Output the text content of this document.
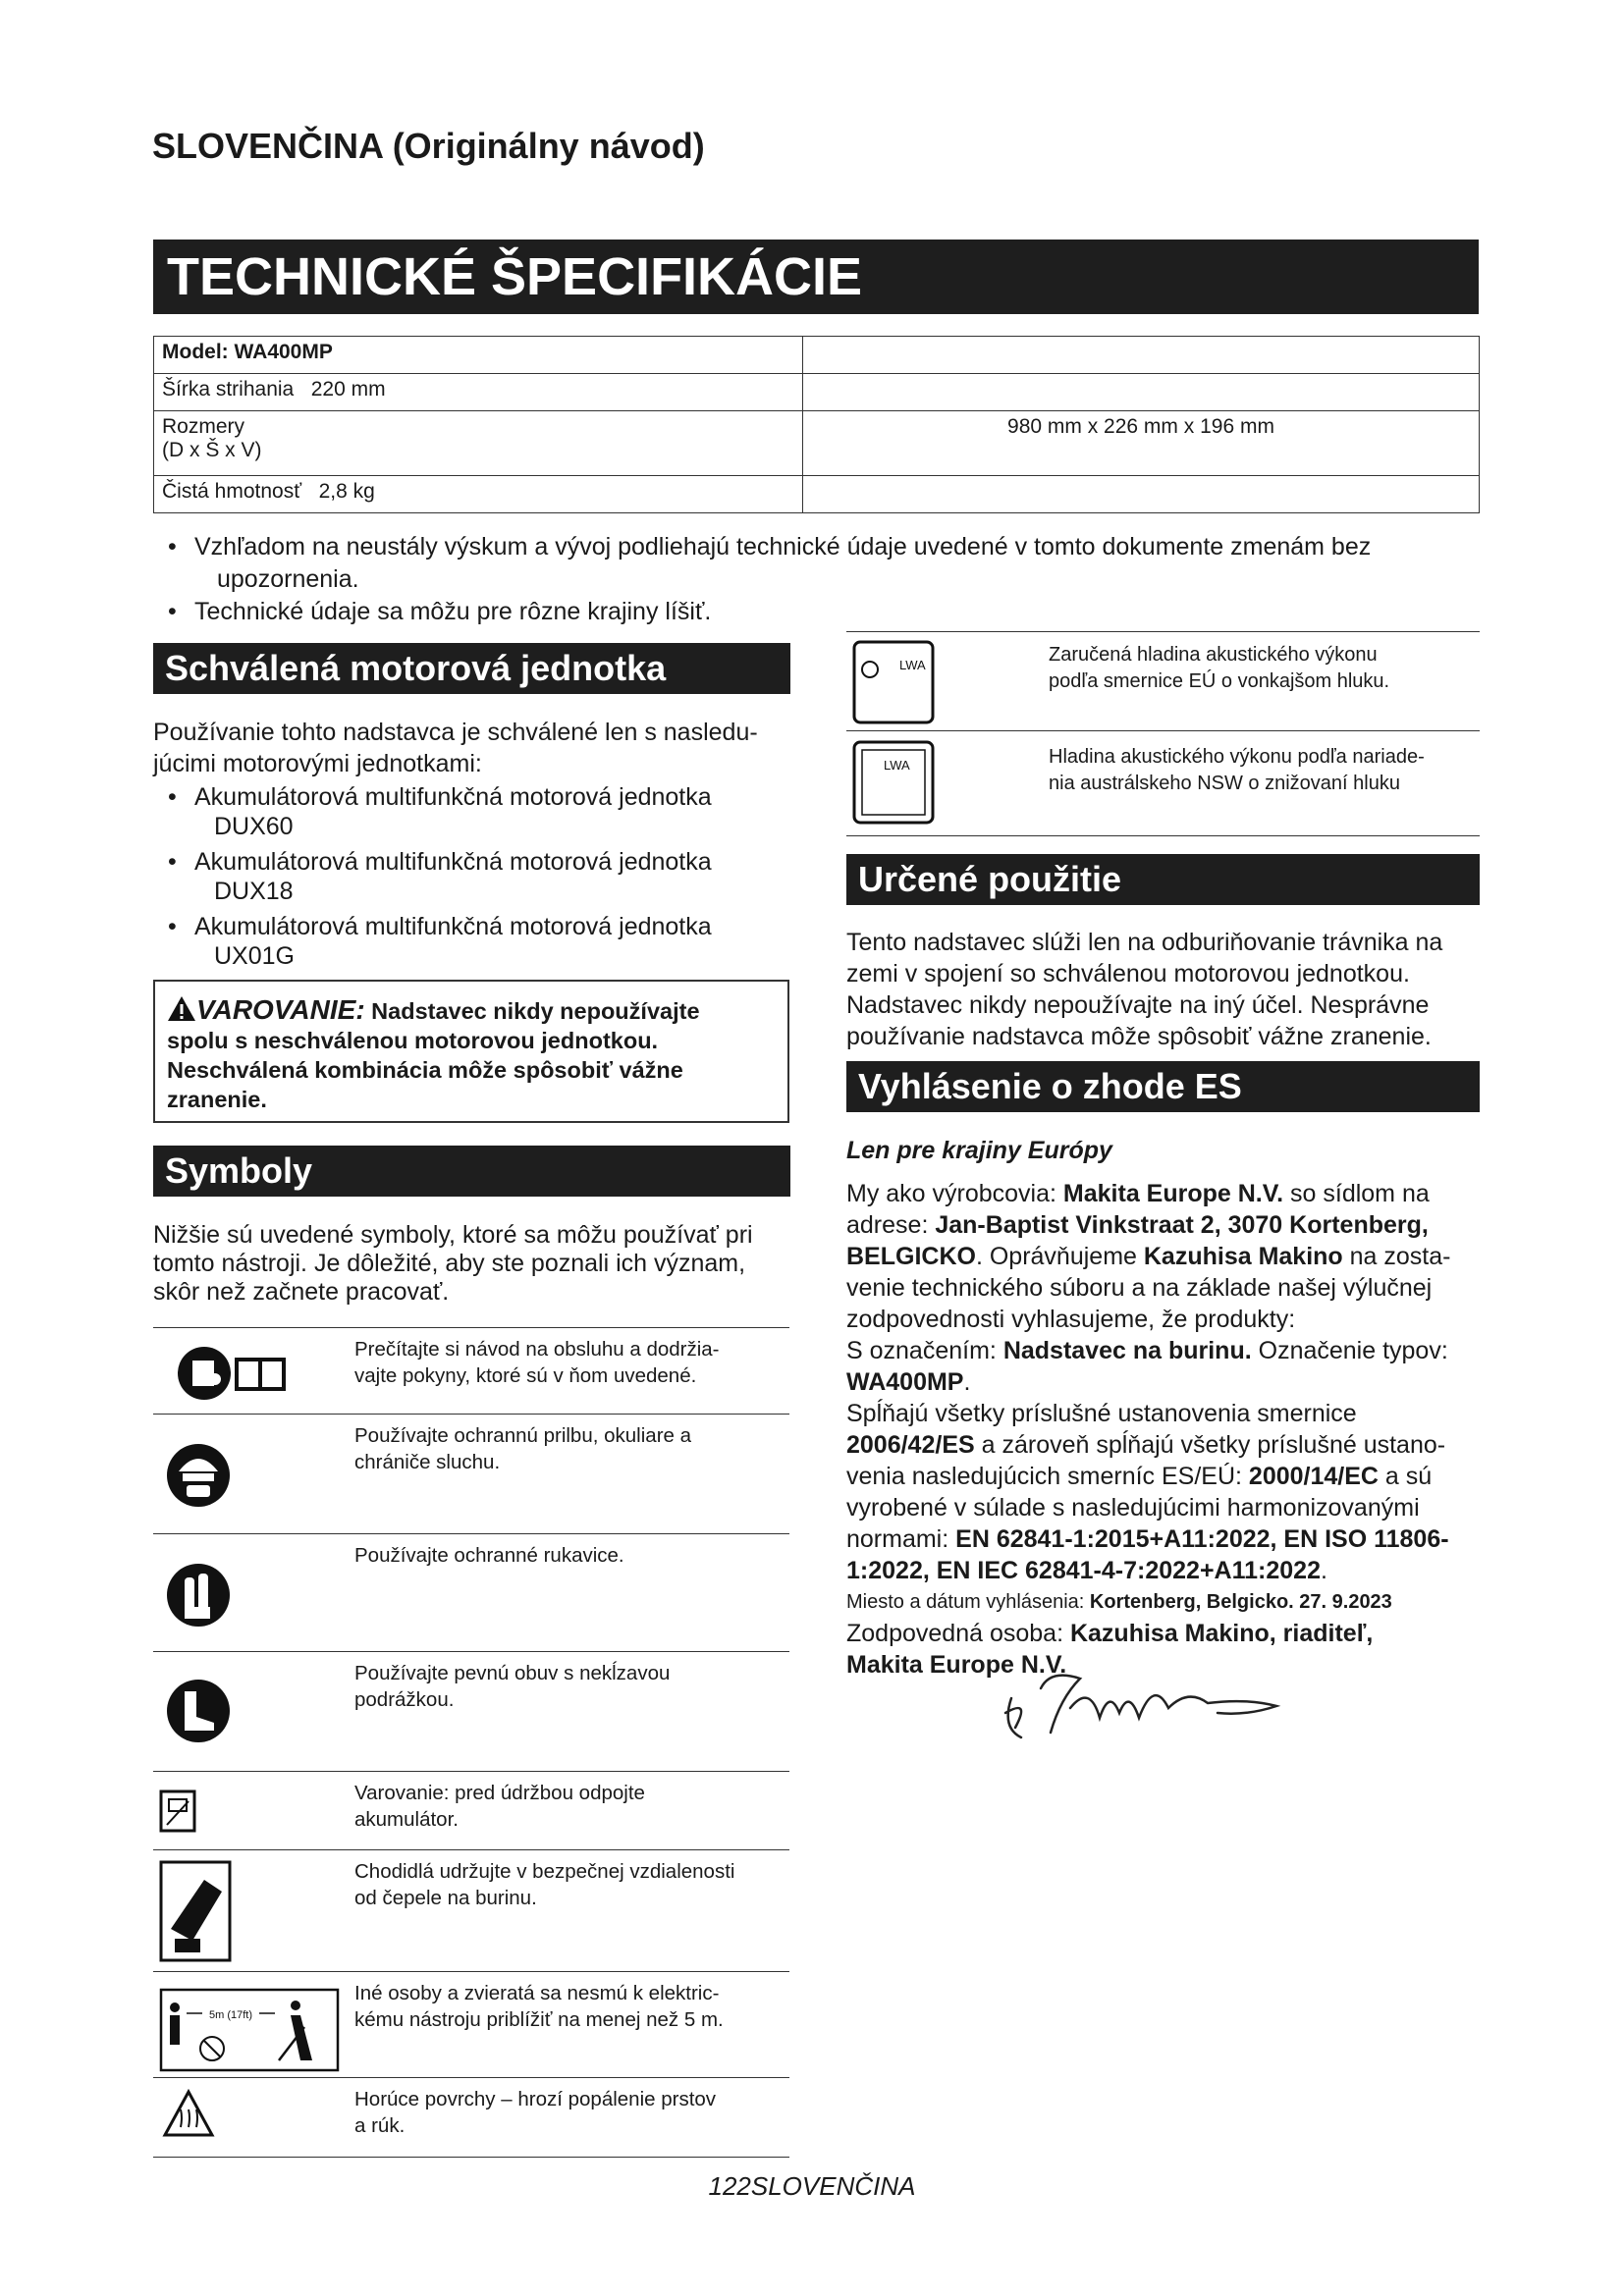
SLOVENČINA (Originálny návod)
TECHNICKÉ ŠPECIFIKÁCIE
Model: WA400MP	
Šírka strihania 220 mm	

Rozmery
(D x Š x V)	980 mm x 226 mm x 196 mm
Čistá hmotnosť 2,8 kg	
• Vzhľadom na neustály výskum a vývoj podliehajú technické údaje uvedené v tomto dokumente zmenám bez
upozornenia.
• Technické údaje sa môžu pre rôzne krajiny líšiť.
Schválená motorová jednotka
Používanie tohto nadstavca je schválené len s nasledu-
júcimi motorovými jednotkami:
• Akumulátorová multifunkčná motorová jednotka
DUX60
• Akumulátorová multifunkčná motorová jednotka
DUX18
• Akumulátorová multifunkčná motorová jednotka
UX01G
VAROVANIE: Nadstavec nikdy nepoužívajte
spolu s neschválenou motorovou jednotkou.
Neschválená kombinácia môže spôsobiť vážne
zranenie.
Symboly
Nižšie sú uvedené symboly, ktoré sa môžu používať pri
tomto nástroji. Je dôležité, aby ste poznali ich význam,
skôr než začnete pracovať.
Prečítajte si návod na obsluhu a dodržia-
vajte pokyny, ktoré sú v ňom uvedené.
Používajte ochrannú prilbu, okuliare a
chrániče sluchu.
Používajte ochranné rukavice.
Používajte pevnú obuv s nekĺzavou
podrážkou.
Varovanie: pred údržbou odpojte
akumulátor.
Chodidlá udržujte v bezpečnej vzdialenosti
od čepele na burinu.
5m (17ft)
Iné osoby a zvieratá sa nesmú k elektric-
kému nástroju priblížiť na menej než 5 m.
Horúce povrchy – hrozí popálenie prstov
a rúk.
LWA	Zaručená hladina akustického výkonu
podľa smernice EÚ o vonkajšom hluku.
LWA	Hladina akustického výkonu podľa nariade-
nia austrálskeho NSW o znižovaní hluku
Určené použitie
Tento nadstavec slúži len na odburiňovanie trávnika na
zemi v spojení so schválenou motorovou jednotkou.
Nadstavec nikdy nepoužívajte na iný účel. Nesprávne
používanie nadstavca môže spôsobiť vážne zranenie.
Vyhlásenie o zhode ES
Len pre krajiny Európy
My ako výrobcovia: Makita Europe N.V. so sídlom na
adrese: Jan-Baptist Vinkstraat 2, 3070 Kortenberg,
BELGICKO. Oprávňujeme Kazuhisa Makino na zosta-
venie technického súboru a na základe našej výlučnej
zodpovednosti vyhlasujeme, že produkty:
S označením: Nadstavec na burinu. Označenie typov:
WA400MP.
Spĺňajú všetky príslušné ustanovenia smernice
2006/42/ES a zároveň spĺňajú všetky príslušné ustano-
venia nasledujúcich smerníc ES/EÚ: 2000/14/EC a sú
vyrobené v súlade s nasledujúcimi harmonizovanými
normami: EN 62841-1:2015+A11:2022, EN ISO 11806-
1:2022, EN IEC 62841-4-7:2022+A11:2022.
Miesto a dátum vyhlásenia: Kortenberg, Belgicko. 27. 9.2023
Zodpovedná osoba: Kazuhisa Makino, riaditeľ,
Makita Europe N.V.
122SLOVENČINA
